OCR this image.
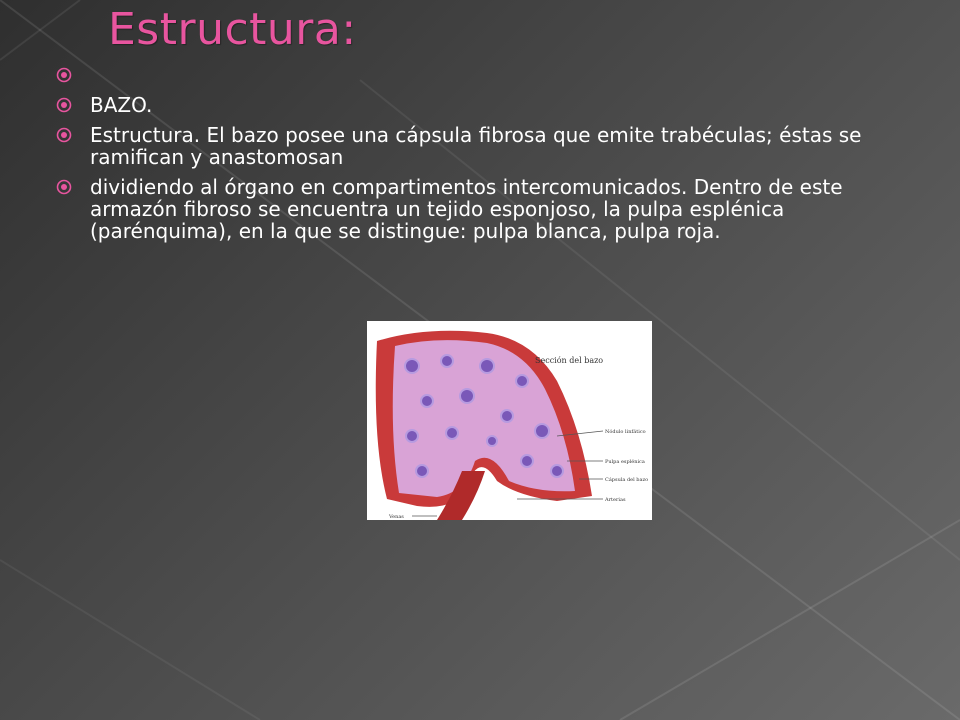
Estructura:

BAZO.
Estructura. El bazo posee una cápsula fibrosa que emite trabéculas; éstas se ramifican y anastomosan
dividiendo al órgano en compartimentos intercomunicados. Dentro de este armazón fibroso se encuentra un tejido esponjoso, la pulpa esplénica (parénquima), en la que se distingue: pulpa blanca, pulpa roja.
Sección del bazo
Nódulo linfático
Pulpa esplénica
Cápsula del bazo
Arterias
Venas
